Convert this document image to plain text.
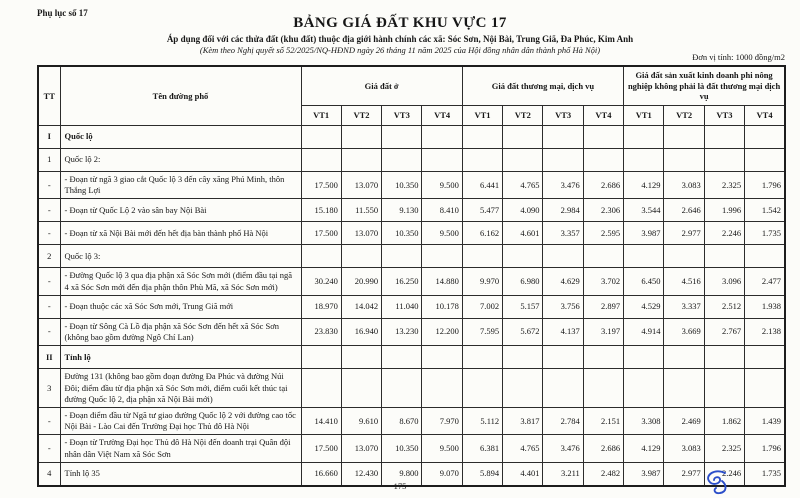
Phụ lục số 17
BẢNG GIÁ ĐẤT KHU VỰC 17
Áp dụng đối với các thửa đất (khu đất) thuộc địa giới hành chính các xã: Sóc Sơn, Nội Bài, Trung Giã, Đa Phúc, Kim Anh
(Kèm theo Nghị quyết số 52/2025/NQ-HĐND ngày 26 tháng 11 năm 2025 của Hội đồng nhân dân thành phố Hà Nội)
Đơn vị tính: 1000 đồng/m2
TT	Tên đường phố	Giá đất ở				Giá đất thương mại, dịch vụ				Giá đất sản xuất kinh doanh phi nông nghiệp không phải là đất thương mại dịch vụ			
		VT1	VT2	VT3	VT4	VT1	VT2	VT3	VT4	VT1	VT2	VT3	VT4
I	Quốc lộ												
1	Quốc lộ 2:												
-	- Đoạn từ ngã 3 giao cắt Quốc lộ 3 đến cây xăng Phú Minh, thôn Thắng Lợi	17.500	13.070	10.350	9.500	6.441	4.765	3.476	2.686	4.129	3.083	2.325	1.796
-	- Đoạn từ Quốc Lộ 2 vào sân bay Nội Bài	15.180	11.550	9.130	8.410	5.477	4.090	2.984	2.306	3.544	2.646	1.996	1.542
-	- Đoạn từ xã Nội Bài mới đến hết địa bàn thành phố Hà Nội	17.500	13.070	10.350	9.500	6.162	4.601	3.357	2.595	3.987	2.977	2.246	1.735
2	Quốc lộ 3:												
-	- Đường Quốc lộ 3 qua địa phận xã Sóc Sơn mới (điểm đầu tại ngã 4 xã Sóc Sơn mới đến địa phận thôn Phù Mã, xã Sóc Sơn mới)	30.240	20.990	16.250	14.880	9.970	6.980	4.629	3.702	6.450	4.516	3.096	2.477
-	- Đoạn thuộc các xã Sóc Sơn mới, Trung Giã mới	18.970	14.042	11.040	10.178	7.002	5.157	3.756	2.897	4.529	3.337	2.512	1.938
-	- Đoạn từ Sông Cà Lồ địa phận xã Sóc Sơn đến hết xã Sóc Sơn (không bao gồm đường Ngô Chí Lan)	23.830	16.940	13.230	12.200	7.595	5.672	4.137	3.197	4.914	3.669	2.767	2.138
II	Tỉnh lộ												
3	Đường 131 (không bao gồm đoạn đường Đa Phúc và đường Núi Đôi; điểm đầu từ địa phận xã Sóc Sơn mới, điểm cuối kết thúc tại đường Quốc lộ 2, địa phận xã Nội Bài mới)												
-	- Đoạn điểm đầu từ Ngã tư giao đường Quốc lộ 2 với đường cao tốc Nội Bài - Lào Cai đến Trường Đại học Thủ đô Hà Nội	14.410	9.610	8.670	7.970	5.112	3.817	2.784	2.151	3.308	2.469	1.862	1.439
-	- Đoạn từ Trường Đại học Thủ đô Hà Nội đến doanh trại Quân đội nhân dân Việt Nam xã Sóc Sơn	17.500	13.070	10.350	9.500	6.381	4.765	3.476	2.686	4.129	3.083	2.325	1.796
4	Tỉnh lộ 35	16.660	12.430	9.800	9.070	5.894	4.401	3.211	2.482	3.987	2.977	2.246	1.735
175
